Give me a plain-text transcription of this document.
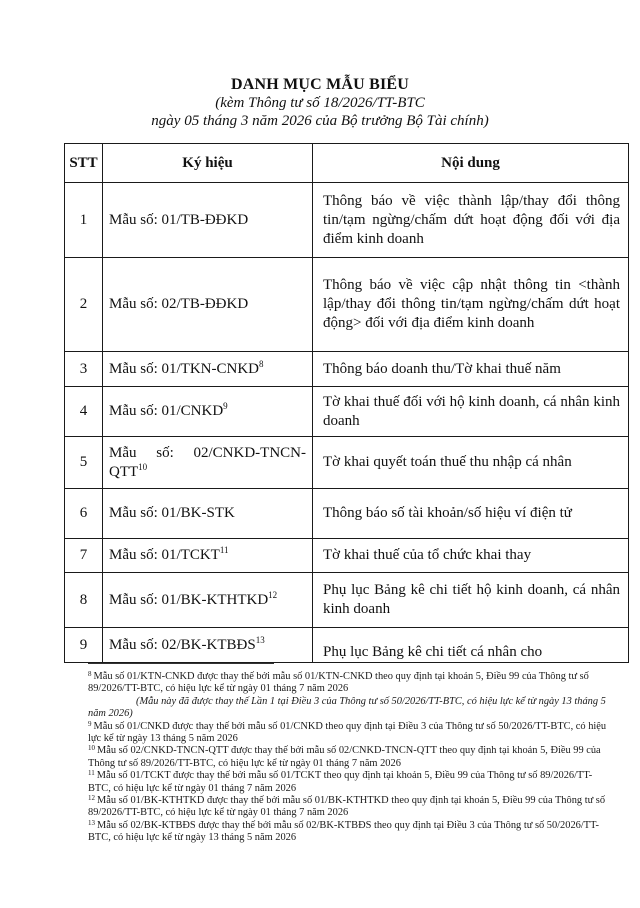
DANH MỤC MẪU BIỂU
(kèm Thông tư số 18/2026/TT-BTC
ngày 05 tháng 3 năm 2026 của Bộ trưởng Bộ Tài chính)
STT	Ký hiệu	Nội dung
1	Mẫu số: 01/TB-ĐĐKD	Thông báo về việc thành lập/thay đổi thông tin/tạm ngừng/chấm dứt hoạt động đối với địa điểm kinh doanh
2	Mẫu số: 02/TB-ĐĐKD	Thông báo về việc cập nhật thông tin <thành lập/thay đổi thông tin/tạm ngừng/chấm dứt hoạt động> đối với địa điểm kinh doanh
3	Mẫu số: 01/TKN-CNKD$^8$	Thông báo doanh thu/Tờ khai thuế năm
4	Mẫu số: 01/CNKD$^9$	Tờ khai thuế đối với hộ kinh doanh, cá nhân kinh doanh
5	Mẫu số: 02/CNKD-TNCN-QTT$^{10}$	Tờ khai quyết toán thuế thu nhập cá nhân
6	Mẫu số: 01/BK-STK	Thông báo số tài khoản/số hiệu ví điện tử
7	Mẫu số: 01/TCKT$^{11}$	Tờ khai thuế của tổ chức khai thay
8	Mẫu số: 01/BK-KTHTKD$^{12}$	Phụ lục Bảng kê chi tiết hộ kinh doanh, cá nhân kinh doanh
9	Mẫu số: 02/BK-KTBĐS$^{13}$	Phụ lục Bảng kê chi tiết cá nhân cho

$^8$ Mẫu số 01/KTN-CNKD được thay thế bởi mẫu số 01/KTN-CNKD theo quy định tại khoản 5, Điều 99 của Thông tư số 89/2026/TT-BTC, có hiệu lực kể từ ngày 01 tháng 7 năm 2026

(Mẫu này đã được thay thế Lần 1 tại Điều 3 của Thông tư số 50/2026/TT-BTC, có hiệu lực kể từ ngày 13 tháng 5 năm 2026)

$^9$ Mẫu số 01/CNKD được thay thế bởi mẫu số 01/CNKD theo quy định tại Điều 3 của Thông tư số 50/2026/TT-BTC, có hiệu lực kể từ ngày 13 tháng 5 năm 2026

$^{10}$ Mẫu số 02/CNKD-TNCN-QTT được thay thế bởi mẫu số 02/CNKD-TNCN-QTT theo quy định tại khoản 5, Điều 99 của Thông tư số 89/2026/TT-BTC, có hiệu lực kể từ ngày 01 tháng 7 năm 2026

$^{11}$ Mẫu số 01/TCKT được thay thế bởi mẫu số 01/TCKT theo quy định tại khoản 5, Điều 99 của Thông tư số 89/2026/TT-BTC, có hiệu lực kể từ ngày 01 tháng 7 năm 2026

$^{12}$ Mẫu số 01/BK-KTHTKD được thay thế bởi mẫu số 01/BK-KTHTKD theo quy định tại khoản 5, Điều 99 của Thông tư số 89/2026/TT-BTC, có hiệu lực kể từ ngày 01 tháng 7 năm 2026

$^{13}$ Mẫu số 02/BK-KTBĐS được thay thế bởi mẫu số 02/BK-KTBĐS theo quy định tại Điều 3 của Thông tư số 50/2026/TT-BTC, có hiệu lực kể từ ngày 13 tháng 5 năm 2026
